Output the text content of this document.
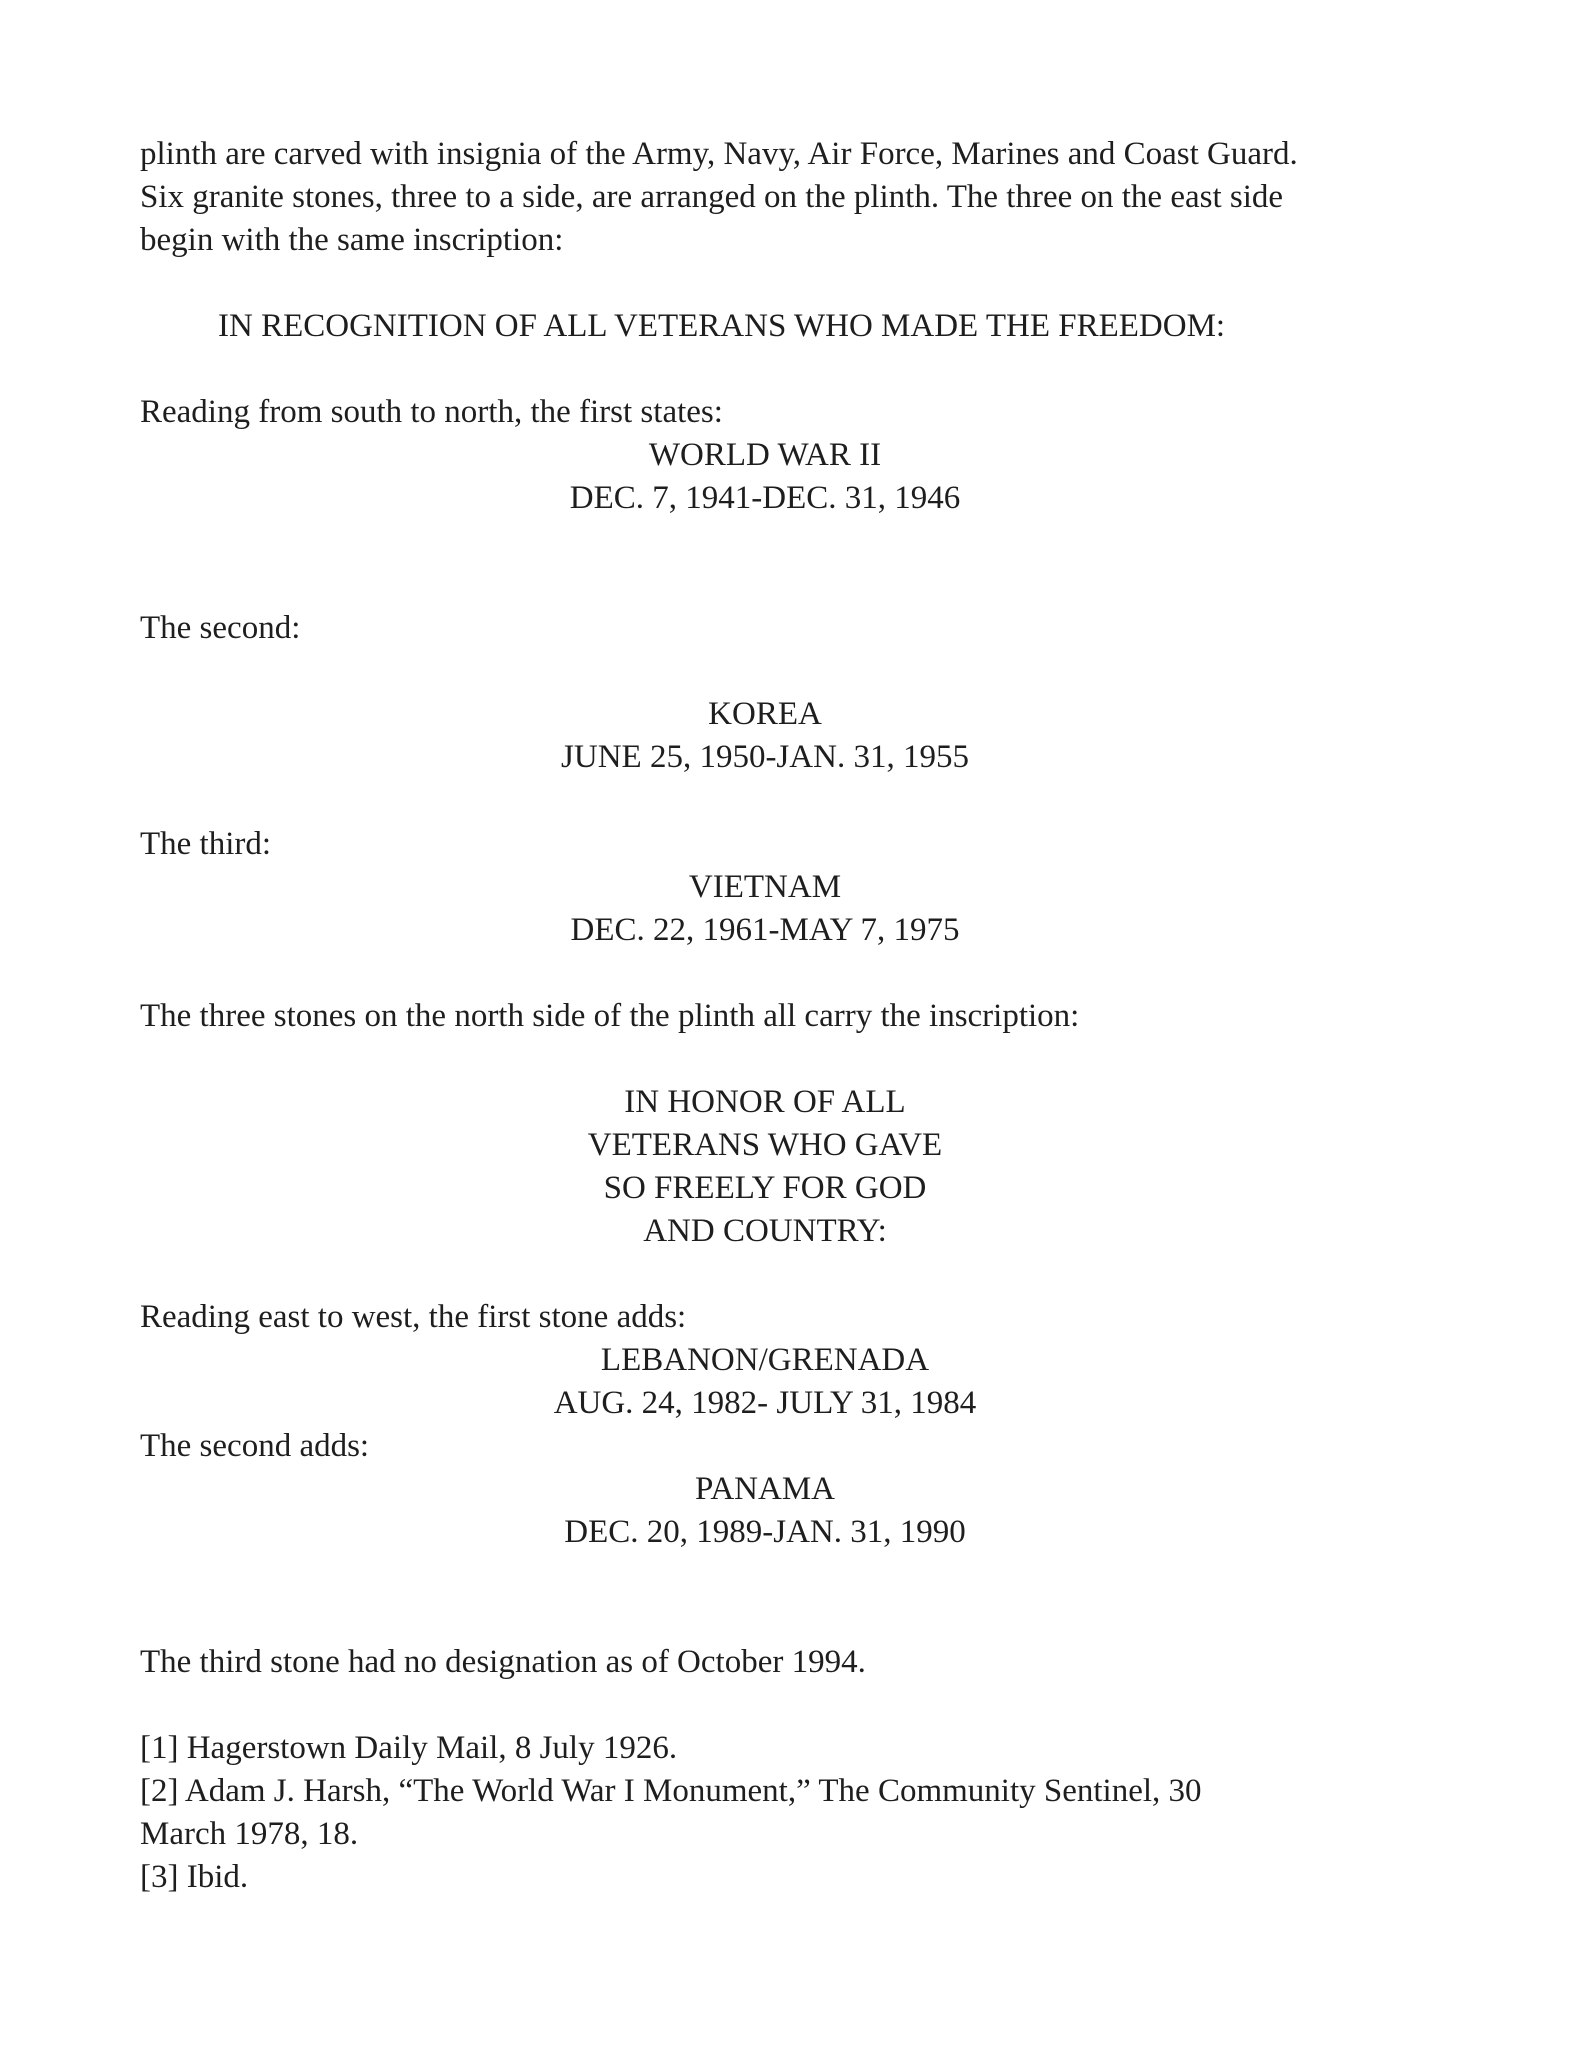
plinth are carved with insignia of the Army, Navy, Air Force, Marines and Coast Guard.

Six granite stones, three to a side, are arranged on the plinth. The three on the east side

begin with the same inscription:

IN RECOGNITION OF ALL VETERANS WHO MADE THE FREEDOM:

Reading from south to north, the first states:

WORLD WAR II

DEC. 7, 1941-DEC. 31, 1946

The second:

KOREA

JUNE 25, 1950-JAN. 31, 1955

The third:

VIETNAM

DEC. 22, 1961-MAY 7, 1975

The three stones on the north side of the plinth all carry the inscription:

IN HONOR OF ALL

VETERANS WHO GAVE

SO FREELY FOR GOD

AND COUNTRY:

Reading east to west, the first stone adds:

LEBANON/GRENADA

AUG. 24, 1982- JULY 31, 1984

The second adds:

PANAMA

DEC. 20, 1989-JAN. 31, 1990

The third stone had no designation as of October 1994.

[1] Hagerstown Daily Mail, 8 July 1926.

[2] Adam J. Harsh, “The World War I Monument,” The Community Sentinel, 30

March 1978, 18.

[3] Ibid.
